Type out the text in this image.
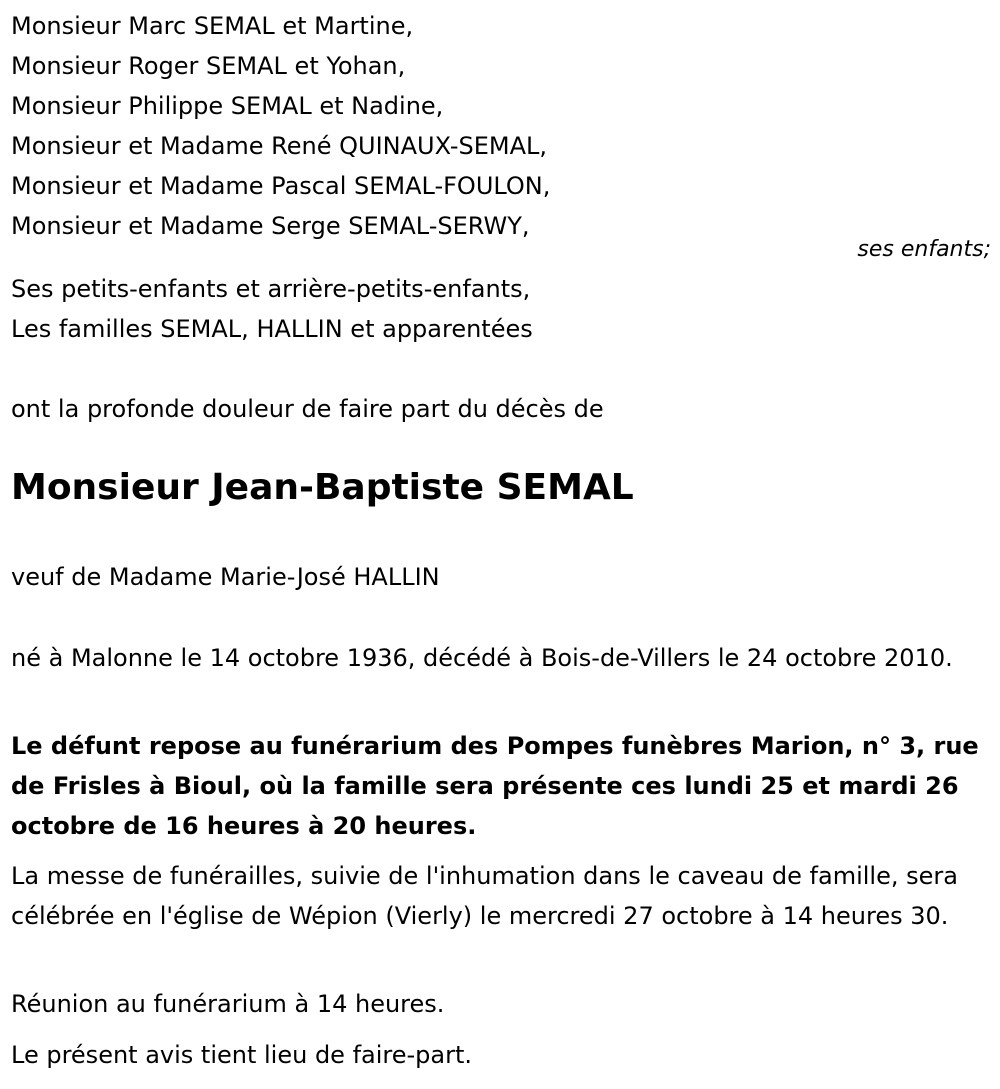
Monsieur Marc SEMAL et Martine,
Monsieur Roger SEMAL et Yohan,
Monsieur Philippe SEMAL et Nadine,
Monsieur et Madame René QUINAUX-SEMAL,
Monsieur et Madame Pascal SEMAL-FOULON,
Monsieur et Madame Serge SEMAL-SERWY,
ses enfants;
Ses petits-enfants et arrière-petits-enfants,
Les familles SEMAL, HALLIN et apparentées
ont la profonde douleur de faire part du décès de
Monsieur Jean-Baptiste SEMAL
veuf de Madame Marie-José HALLIN
né à Malonne le 14 octobre 1936, décédé à Bois-de-Villers le 24 octobre 2010.
Le défunt repose au funérarium des Pompes funèbres Marion, n° 3, rue de Frisles à Bioul, où la famille sera présente ces lundi 25 et mardi 26 octobre de 16 heures à 20 heures.
La messe de funérailles, suivie de l'inhumation dans le caveau de famille, sera célébrée en l'église de Wépion (Vierly) le mercredi 27 octobre à 14 heures 30.
Réunion au funérarium à 14 heures.
Le présent avis tient lieu de faire-part.
